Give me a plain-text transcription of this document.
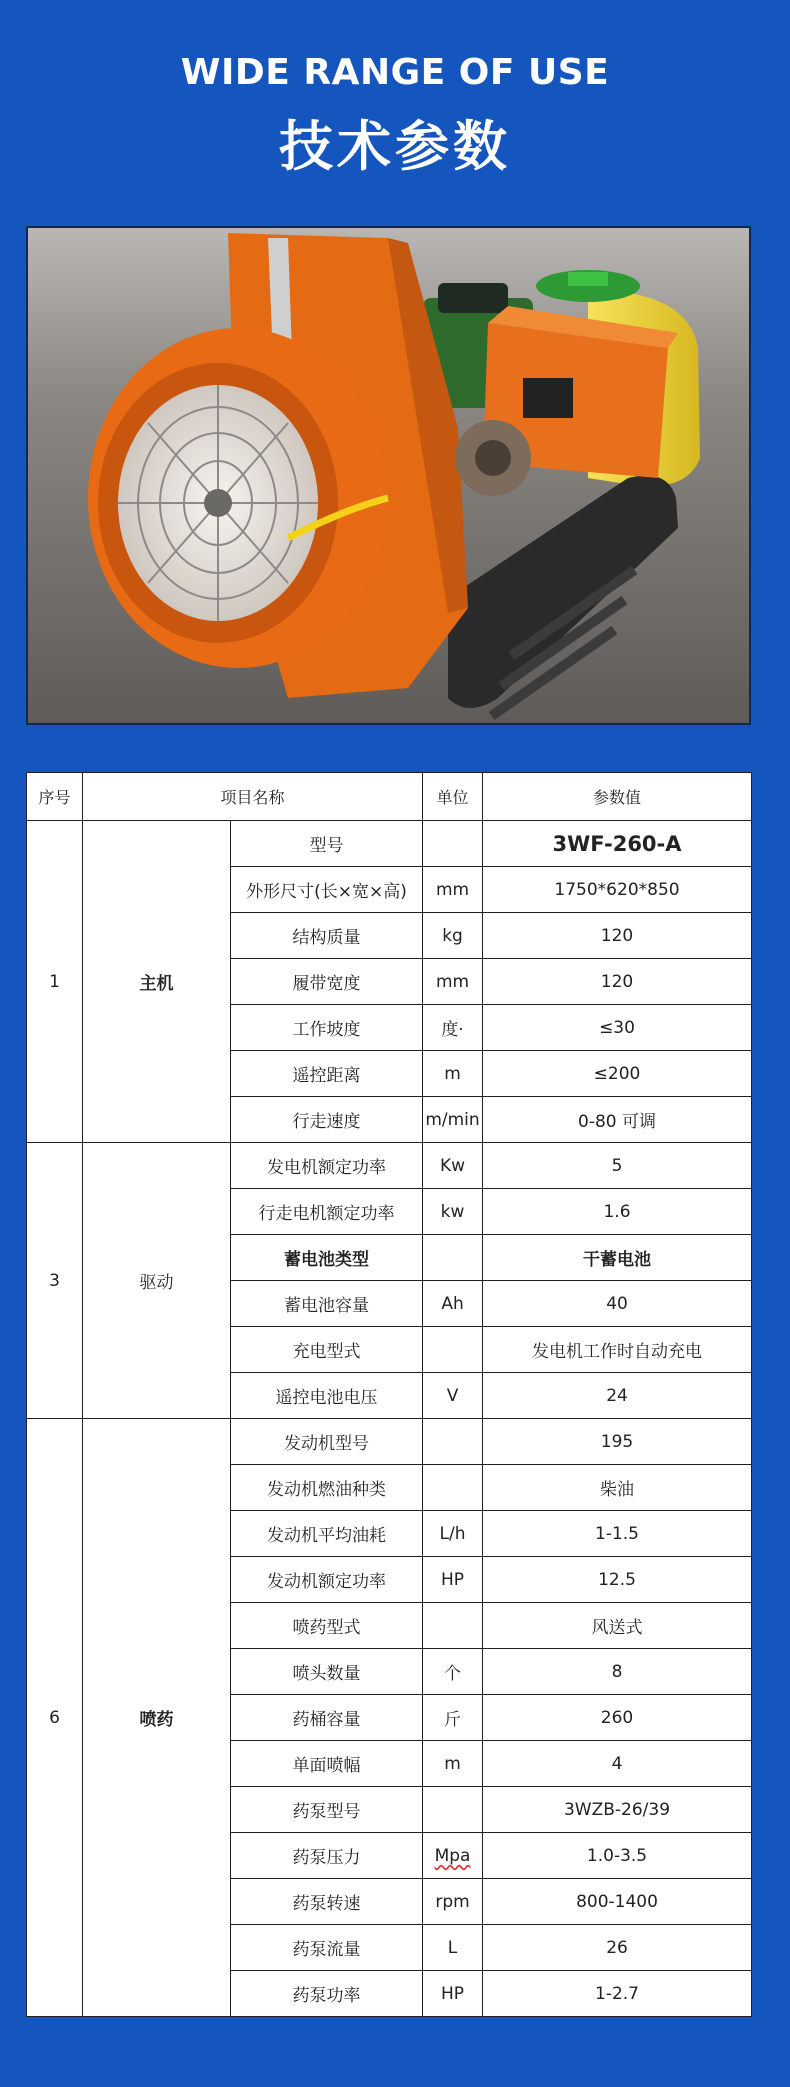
WIDE RANGE OF USE
技术参数
序号	项目名称		单位	参数值
1	主机	型号		3WF-260-A
		外形尺寸(长×宽×高)	mm	1750*620*850
		结构质量	kg	120
		履带宽度	mm	120
		工作坡度	度·	≤30
		遥控距离	m	≤200
		行走速度	m/min	0-80 可调
3	驱动	发电机额定功率	Kw	5
		行走电机额定功率	kw	1.6
		蓄电池类型		干蓄电池
		蓄电池容量	Ah	40
		充电型式		发电机工作时自动充电
		遥控电池电压	V	24
6	喷药	发动机型号		195
		发动机燃油种类		柴油
		发动机平均油耗	L/h	1-1.5
		发动机额定功率	HP	12.5
		喷药型式		风送式
		喷头数量	个	8
		药桶容量	斤	260
		单面喷幅	m	4
		药泵型号		3WZB-26/39
		药泵压力	Mpa	1.0-3.5
		药泵转速	rpm	800-1400
		药泵流量	L	26
		药泵功率	HP	1-2.7
